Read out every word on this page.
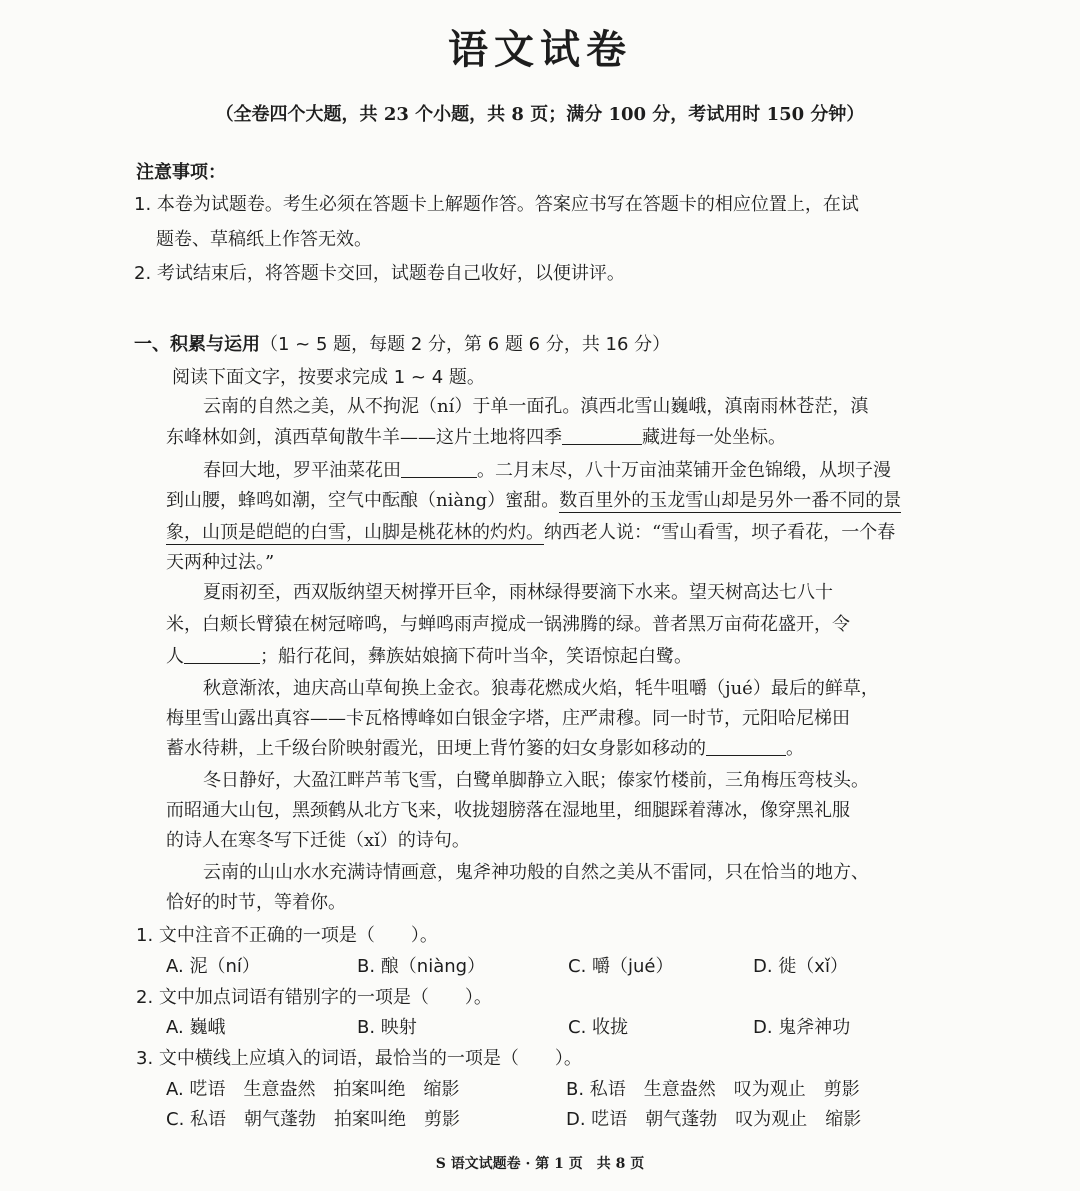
语文试卷
（全卷四个大题，共 23 个小题，共 8 页；满分 100 分，考试用时 150 分钟）
注意事项：
1. 本卷为试题卷。考生必须在答题卡上解题作答。答案应书写在答题卡的相应位置上，在试
题卷、草稿纸上作答无效。
2. 考试结束后，将答题卡交回，试题卷自己收好，以便讲评。
一、积累与运用（1 ~ 5 题，每题 2 分，第 6 题 6 分，共 16 分）
阅读下面文字，按要求完成 1 ~ 4 题。
云南的自然之美，从不拘泥（ní）于单一面孔。滇西北雪山巍峨，滇南雨林苍茫，滇
东峰林如剑，滇西草甸散牛羊——这片土地将四季	藏进每一处坐标。
春回大地，罗平油菜花田	。二月末尽，八十万亩油菜铺开金色锦缎，从坝子漫
到山腰，蜂鸣如潮，空气中酝酿（niàng）蜜甜。数百里外的玉龙雪山却是另外一番不同的景
象，山顶是皑皑的白雪，山脚是桃花林的灼灼。纳西老人说：“雪山看雪，坝子看花，一个春
天两种过法。”
夏雨初至，西双版纳望天树撑开巨伞，雨林绿得要滴下水来。望天树高达七八十
米，白颊长臂猿在树冠啼鸣，与蝉鸣雨声搅成一锅沸腾的绿。普者黑万亩荷花盛开，令
人	；船行花间，彝族姑娘摘下荷叶当伞，笑语惊起白鹭。
秋意渐浓，迪庆高山草甸换上金衣。狼毒花燃成火焰，牦牛咀嚼（jué）最后的鲜草，
梅里雪山露出真容——卡瓦格博峰如白银金字塔，庄严肃穆。同一时节，元阳哈尼梯田
蓄水待耕，上千级台阶映射霞光，田埂上背竹篓的妇女身影如移动的	。
冬日静好，大盈江畔芦苇飞雪，白鹭单脚静立入眠；傣家竹楼前，三角梅压弯枝头。
而昭通大山包，黑颈鹤从北方飞来，收拢翅膀落在湿地里，细腿踩着薄冰，像穿黑礼服
的诗人在寒冬写下迁徙（xǐ）的诗句。
云南的山山水水充满诗情画意，鬼斧神功般的自然之美从不雷同，只在恰当的地方、
恰好的时节，等着你。
1. 文中注音不正确的一项是（　　）。
A. 泥（ní）	B. 酿（niàng）	C. 嚼（jué）	D. 徙（xǐ）
2. 文中加点词语有错别字的一项是（　　）。
A. 巍峨	B. 映射	C. 收拢	D. 鬼斧神功
3. 文中横线上应填入的词语，最恰当的一项是（　　）。
A. 呓语　生意盎然　拍案叫绝　缩影	B. 私语　生意盎然　叹为观止　剪影
C. 私语　朝气蓬勃　拍案叫绝　剪影	D. 呓语　朝气蓬勃　叹为观止　缩影
S 语文试题卷 · 第 1 页　共 8 页
